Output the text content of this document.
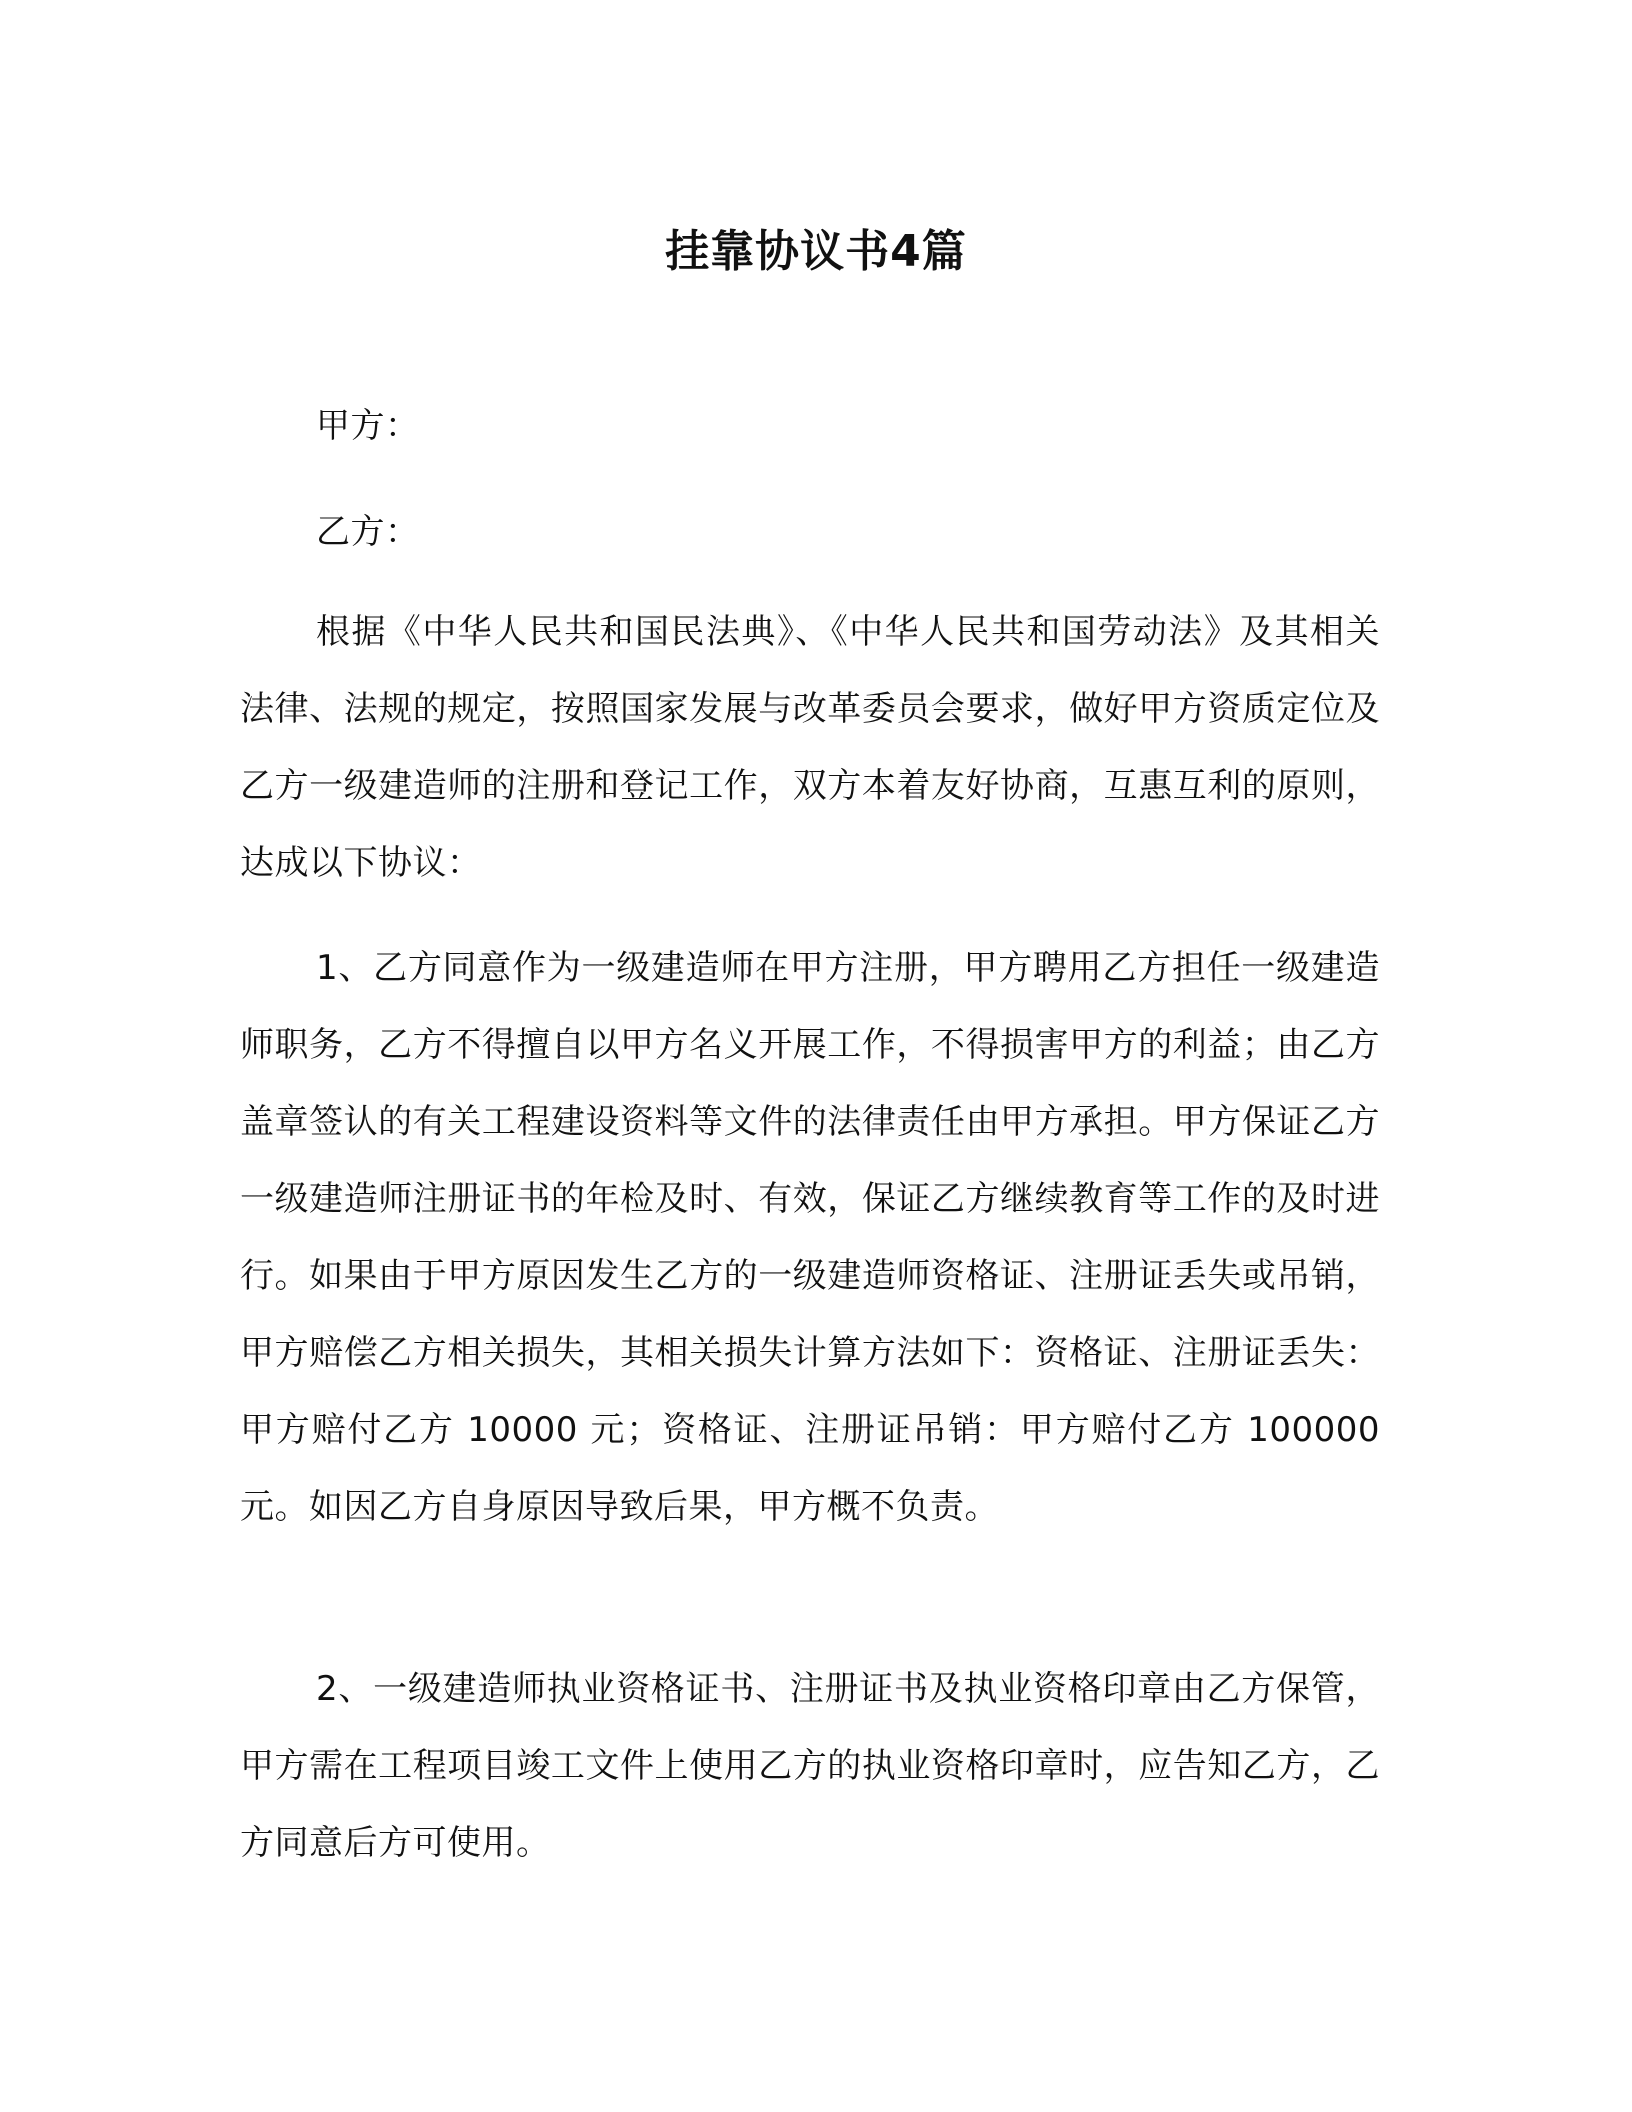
挂靠协议书4篇

甲方：

乙方：

根据《中华人民共和国民法典》、《中华人民共和国劳动法》及其相关法律、法规的规定，按照国家发展与改革委员会要求，做好甲方资质定位及乙方一级建造师的注册和登记工作，双方本着友好协商，互惠互利的原则，达成以下协议：

1、乙方同意作为一级建造师在甲方注册，甲方聘用乙方担任一级建造师职务，乙方不得擅自以甲方名义开展工作，不得损害甲方的利益；由乙方盖章签认的有关工程建设资料等文件的法律责任由甲方承担。甲方保证乙方一级建造师注册证书的年检及时、有效，保证乙方继续教育等工作的及时进行。如果由于甲方原因发生乙方的一级建造师资格证、注册证丢失或吊销，甲方赔偿乙方相关损失，其相关损失计算方法如下：资格证、注册证丢失：甲方赔付乙方 10000 元；资格证、注册证吊销：甲方赔付乙方 100000 元。如因乙方自身原因导致后果，甲方概不负责。

2、一级建造师执业资格证书、注册证书及执业资格印章由乙方保管，甲方需在工程项目竣工文件上使用乙方的执业资格印章时，应告知乙方，乙方同意后方可使用。
